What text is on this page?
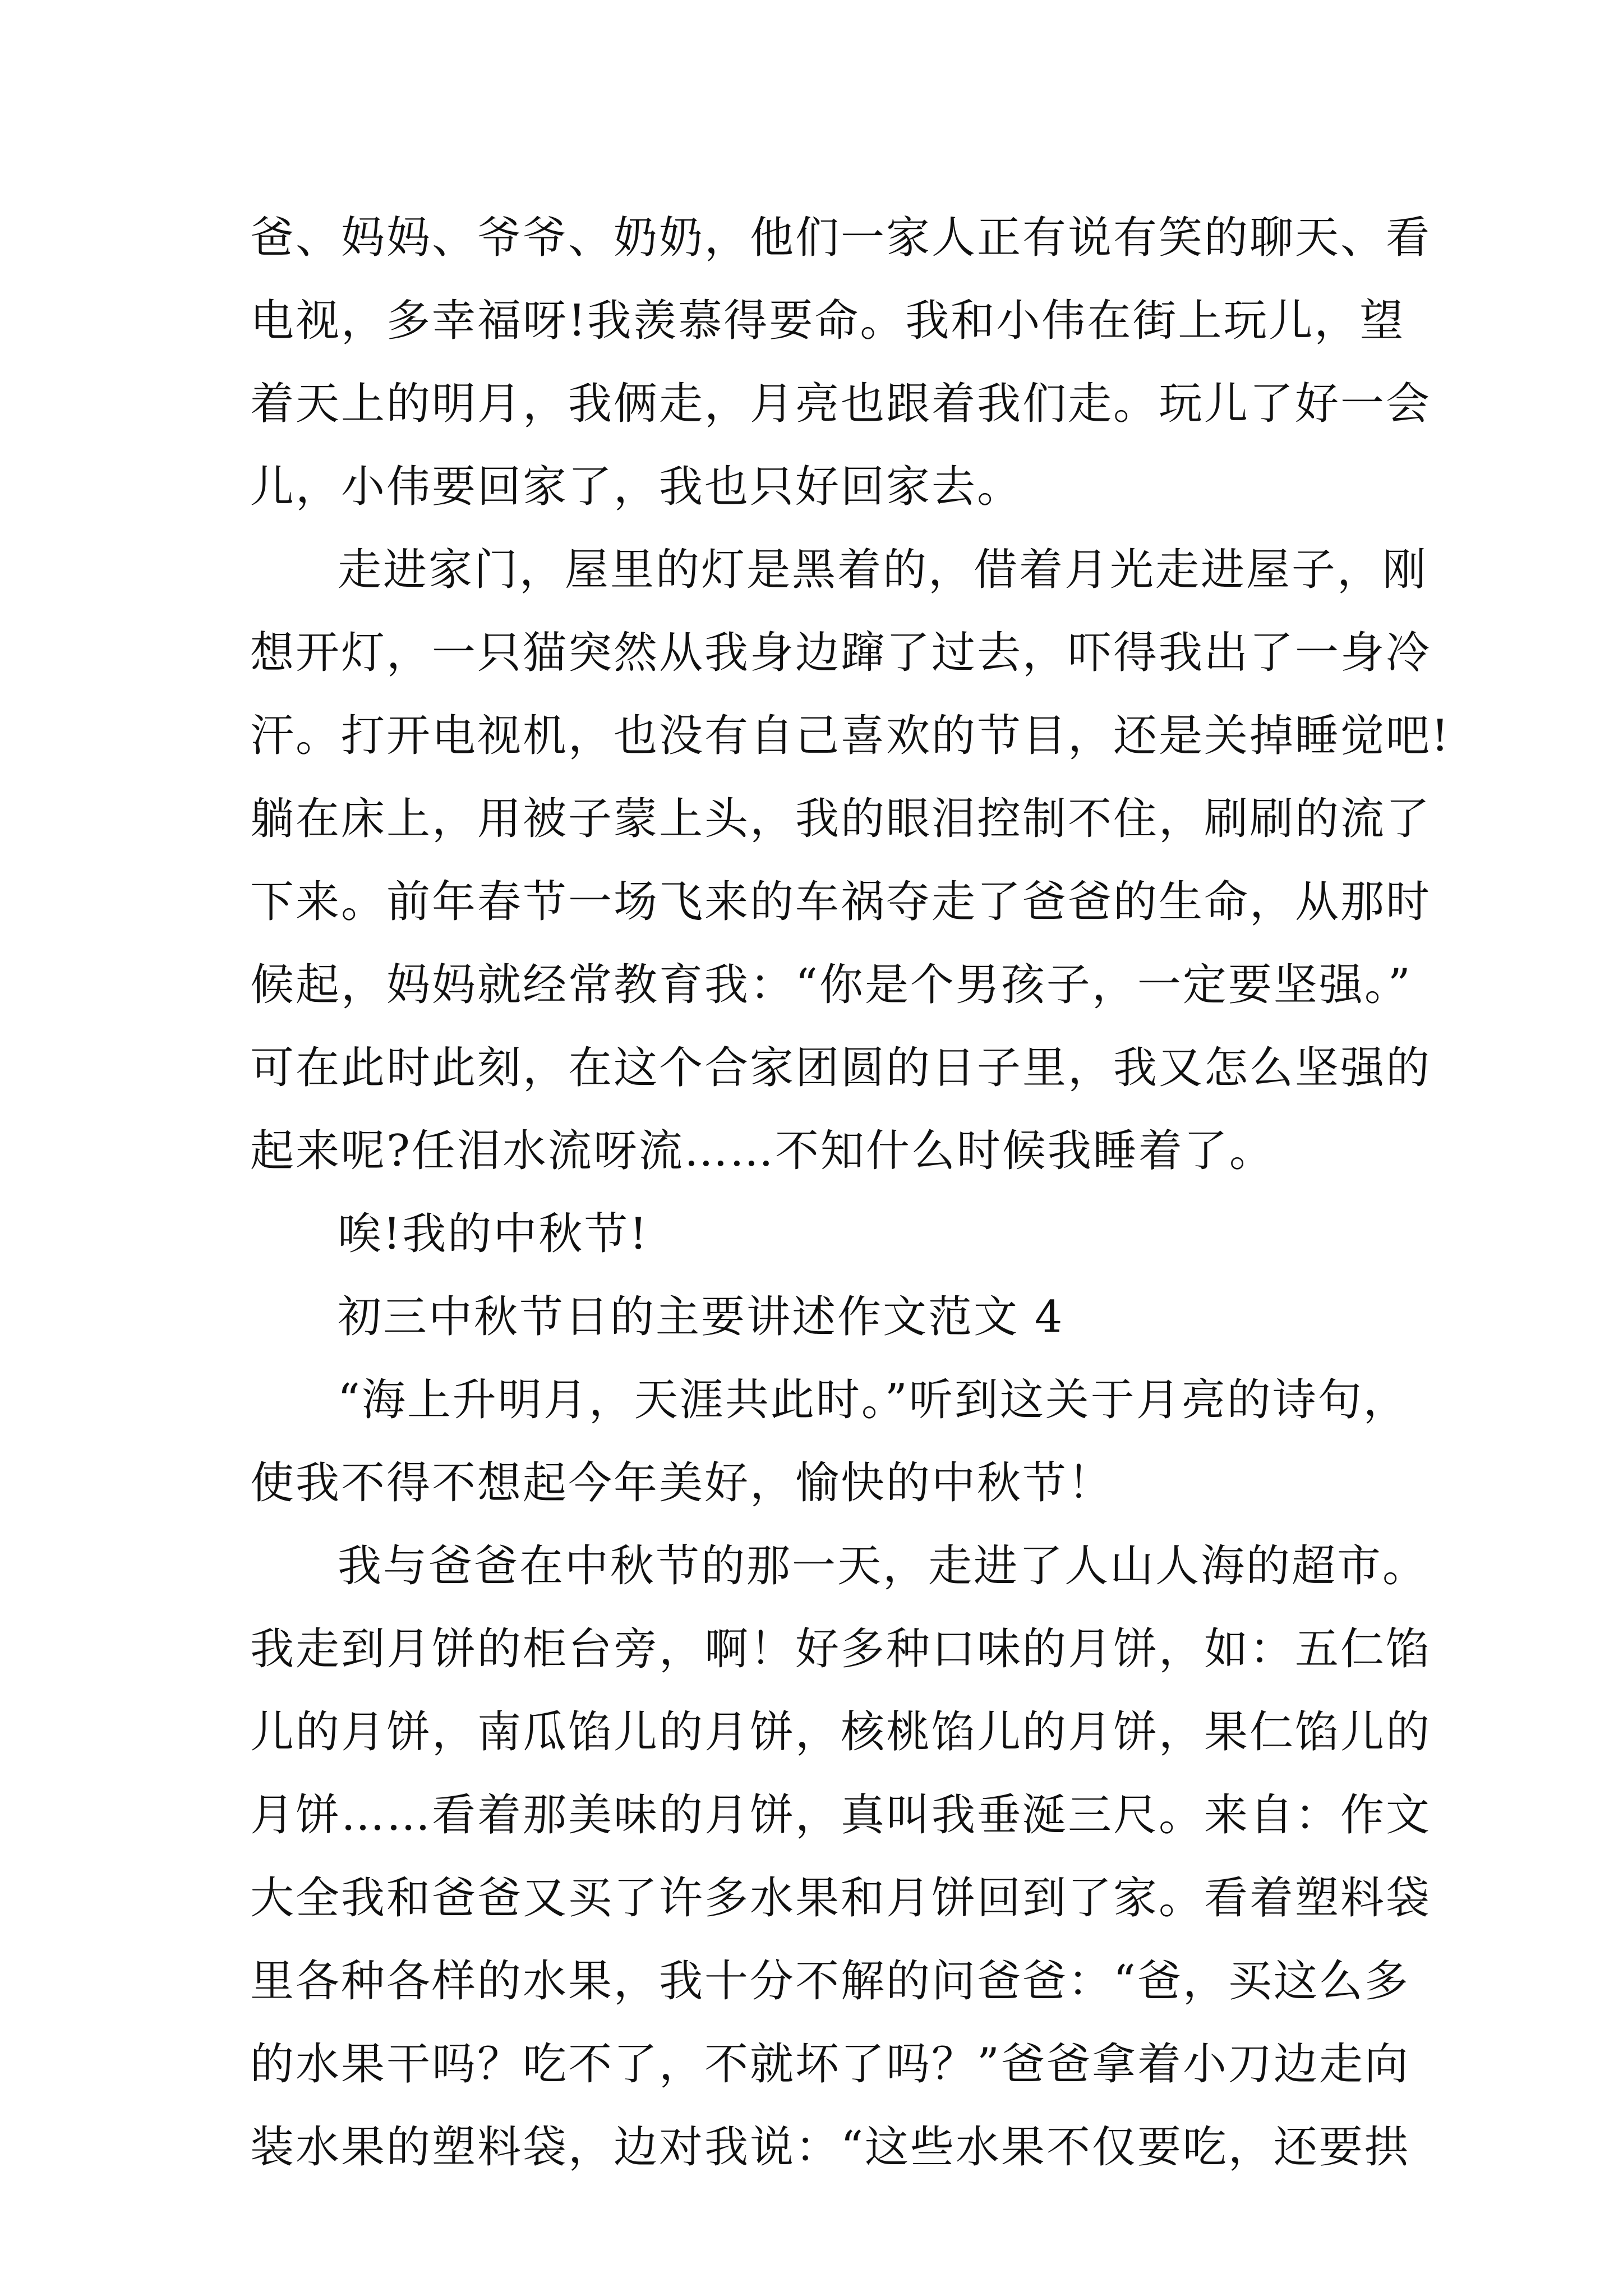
爸、妈妈、爷爷、奶奶，他们一家人正有说有笑的聊天、看
电视，多幸福呀!我羡慕得要命。我和小伟在街上玩儿，望
着天上的明月，我俩走，月亮也跟着我们走。玩儿了好一会
儿，小伟要回家了，我也只好回家去。
走进家门，屋里的灯是黑着的，借着月光走进屋子，刚
想开灯，一只猫突然从我身边蹿了过去，吓得我出了一身冷
汗。打开电视机，也没有自己喜欢的节目，还是关掉睡觉吧!
躺在床上，用被子蒙上头，我的眼泪控制不住，刷刷的流了
下来。前年春节一场飞来的车祸夺走了爸爸的生命，从那时
候起，妈妈就经常教育我：“你是个男孩子，一定要坚强。”
可在此时此刻，在这个合家团圆的日子里，我又怎么坚强的
起来呢?任泪水流呀流……不知什么时候我睡着了。
唉!我的中秋节!
初三中秋节日的主要讲述作文范文 4
“海上升明月，天涯共此时。”听到这关于月亮的诗句，
使我不得不想起今年美好，愉快的中秋节！
我与爸爸在中秋节的那一天，走进了人山人海的超市。
我走到月饼的柜台旁，啊！好多种口味的月饼，如：五仁馅
儿的月饼，南瓜馅儿的月饼，核桃馅儿的月饼，果仁馅儿的
月饼……看着那美味的月饼，真叫我垂涎三尺。来自：作文
大全我和爸爸又买了许多水果和月饼回到了家。看着塑料袋
里各种各样的水果，我十分不解的问爸爸：“爸，买这么多
的水果干吗？吃不了，不就坏了吗？”爸爸拿着小刀边走向
装水果的塑料袋，边对我说：“这些水果不仅要吃，还要拱
